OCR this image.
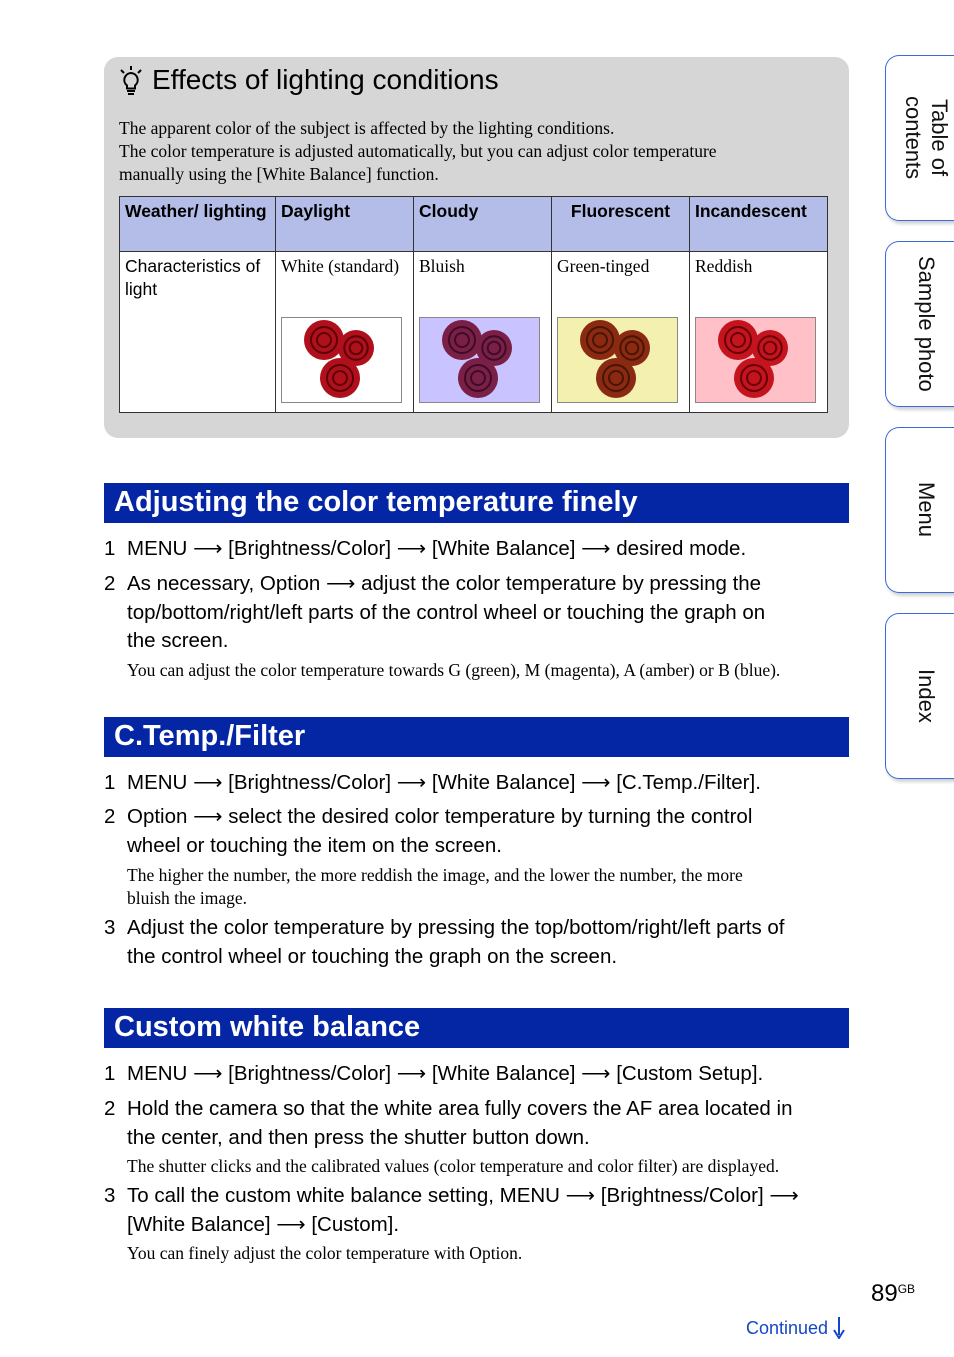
Effects of lighting conditions
The apparent color of the subject is affected by the lighting conditions.
The color temperature is adjusted automatically, but you can adjust color temperature
manually using the [White Balance] function.
Weather/ lighting	Daylight	Cloudy	Fluorescent	Incandescent
Characteristics of light	White (standard)	Bluish	Green-tinged	Reddish
Adjusting the color temperature finely
1 MENU ⟶ [Brightness/Color] ⟶ [White Balance] ⟶ desired mode.
2 As necessary, Option ⟶ adjust the color temperature by pressing the
top/bottom/right/left parts of the control wheel or touching the graph on
the screen.
You can adjust the color temperature towards G (green), M (magenta), A (amber) or B (blue).
C.Temp./Filter
1 MENU ⟶ [Brightness/Color] ⟶ [White Balance] ⟶ [C.Temp./Filter].
2 Option ⟶ select the desired color temperature by turning the control
wheel or touching the item on the screen.
The higher the number, the more reddish the image, and the lower the number, the more
bluish the image.
3 Adjust the color temperature by pressing the top/bottom/right/left parts of
the control wheel or touching the graph on the screen.
Custom white balance
1 MENU ⟶ [Brightness/Color] ⟶ [White Balance] ⟶ [Custom Setup].
2 Hold the camera so that the white area fully covers the AF area located in
the center, and then press the shutter button down.
The shutter clicks and the calibrated values (color temperature and color filter) are displayed.
3 To call the custom white balance setting, MENU ⟶ [Brightness/Color] ⟶
[White Balance] ⟶ [Custom].
You can finely adjust the color temperature with Option.
Table of
contents
Sample photo
Menu
Index
$89^{GB}$
Continued
